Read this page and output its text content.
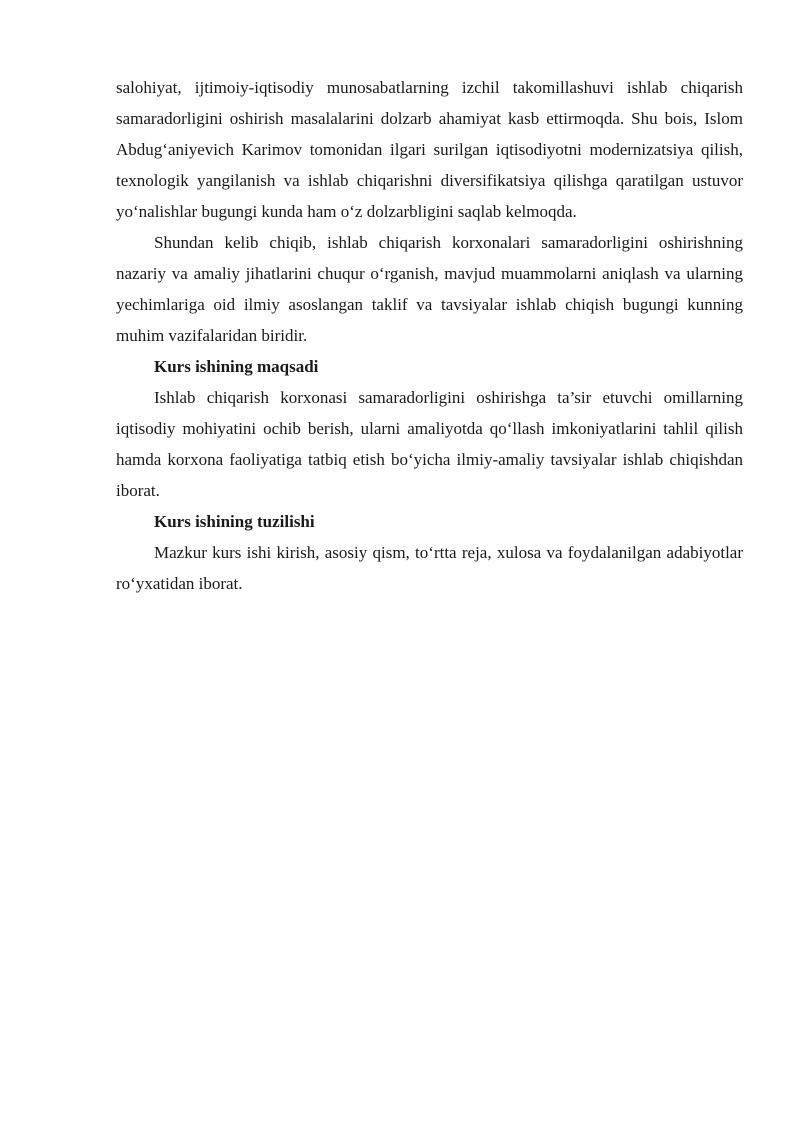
salohiyat, ijtimoiy-iqtisodiy munosabatlarning izchil takomillashuvi ishlab chiqarish samaradorligini oshirish masalalarini dolzarb ahamiyat kasb ettirmoqda. Shu bois, Islom Abdug‘aniyevich Karimov tomonidan ilgari surilgan iqtisodiyotni modernizatsiya qilish, texnologik yangilanish va ishlab chiqarishni diversifikatsiya qilishga qaratilgan ustuvor yo‘nalishlar bugungi kunda ham o‘z dolzarbligini saqlab kelmoqda.

Shundan kelib chiqib, ishlab chiqarish korxonalari samaradorligini oshirishning nazariy va amaliy jihatlarini chuqur o‘rganish, mavjud muammolarni aniqlash va ularning yechimlariga oid ilmiy asoslangan taklif va tavsiyalar ishlab chiqish bugungi kunning muhim vazifalaridan biridir.

Kurs ishining maqsadi

Ishlab chiqarish korxonasi samaradorligini oshirishga ta’sir etuvchi omillarning iqtisodiy mohiyatini ochib berish, ularni amaliyotda qo‘llash imkoniyatlarini tahlil qilish hamda korxona faoliyatiga tatbiq etish bo‘yicha ilmiy-amaliy tavsiyalar ishlab chiqishdan iborat.

Kurs ishining tuzilishi

Mazkur kurs ishi kirish, asosiy qism, to‘rtta reja, xulosa va foydalanilgan adabiyotlar ro‘yxatidan iborat.
